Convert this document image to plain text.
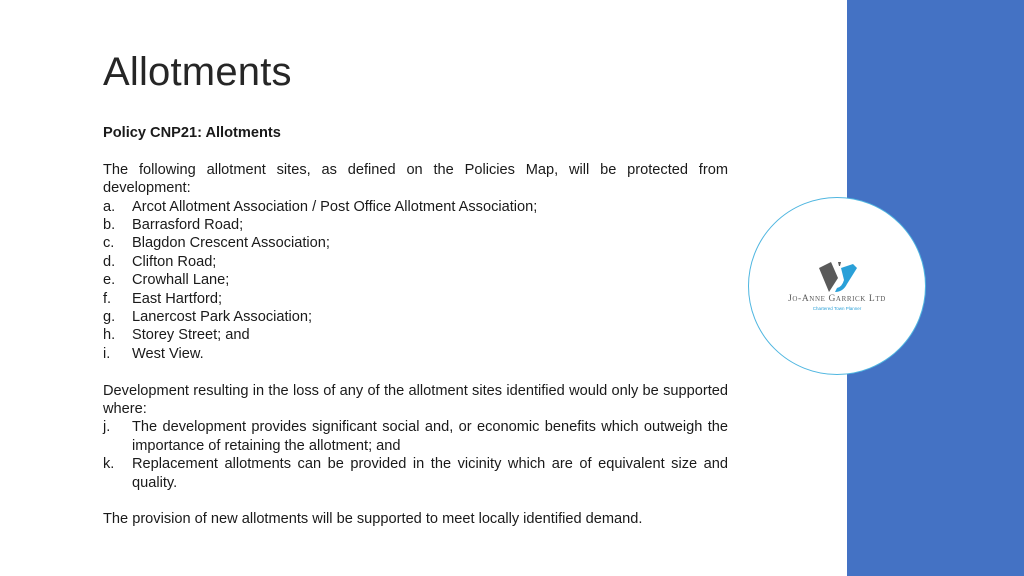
Jo-Anne Garrick Ltd
Chartered Town Planner
Allotments

Policy CNP21: Allotments

The following allotment sites, as defined on the Policies Map, will be protected from development:

a.	Arcot Allotment Association / Post Office Allotment Association;
b.	Barrasford Road;
c.	Blagdon Crescent Association;
d.	Clifton Road;
e.	Crowhall Lane;
f.	East Hartford;
g.	Lanercost Park Association;
h.	Storey Street; and
i.	West View.

Development resulting in the loss of any of the allotment sites identified would only be supported where:

j.	The development provides significant social and, or economic benefits which outweigh the importance of retaining the allotment; and
k.	Replacement allotments can be provided in the vicinity which are of equivalent size and quality.

The provision of new allotments will be supported to meet locally identified demand.
